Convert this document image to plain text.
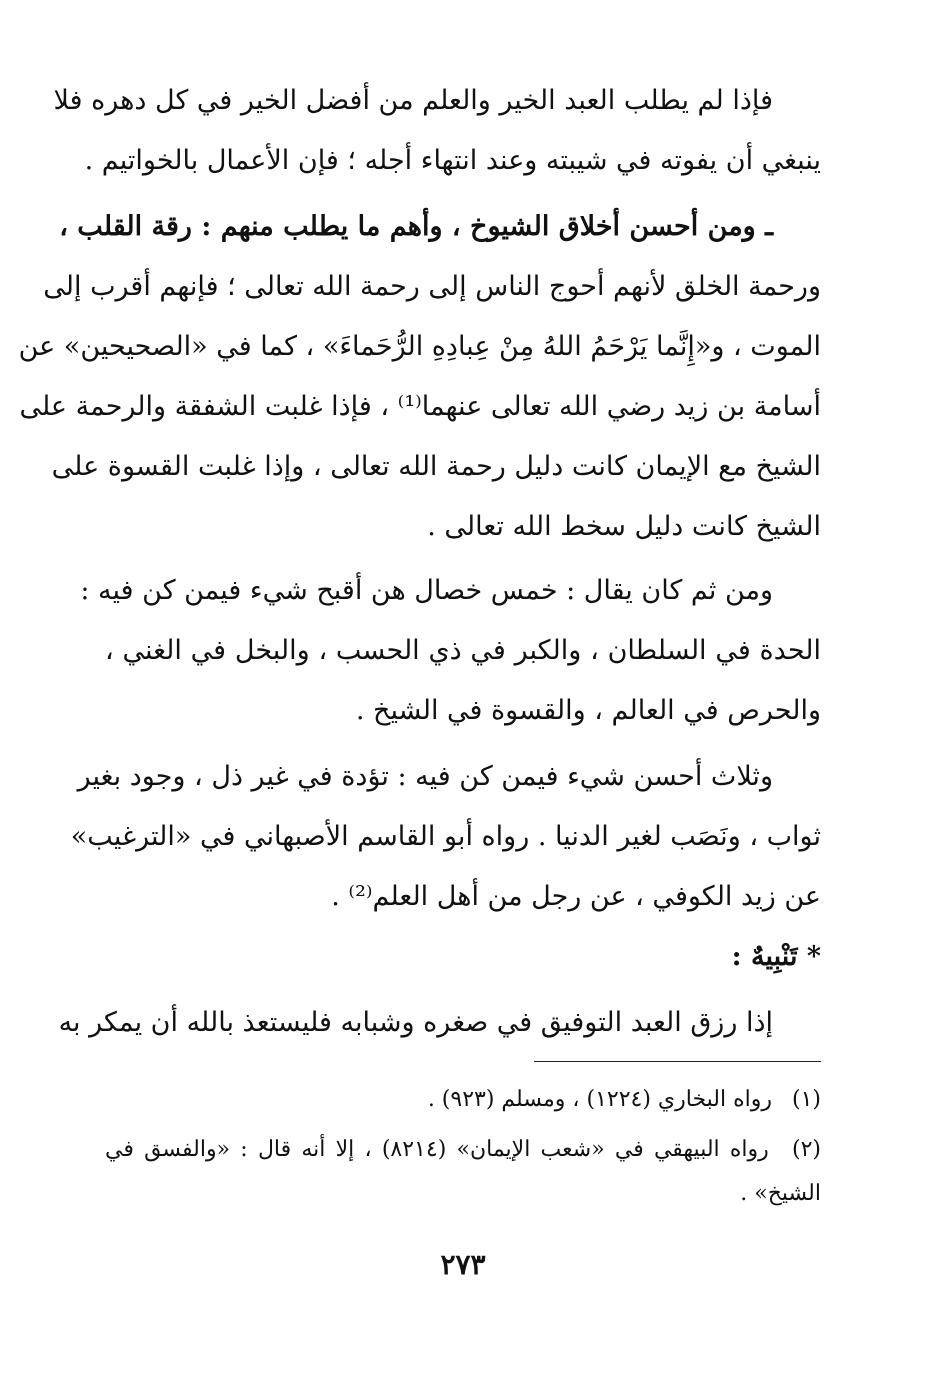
فإذا لم يطلب العبد الخير والعلم من أفضل الخير في كل دهره فلا
ينبغي أن يفوته في شيبته وعند انتهاء أجله ؛ فإن الأعمال بالخواتيم .
ـ ومن أحسن أخلاق الشيوخ ، وأهم ما يطلب منهم : رقة القلب ،
ورحمة الخلق لأنهم أحوج الناس إلى رحمة الله تعالى ؛ فإنهم أقرب إلى
الموت ، و«إِنَّما يَرْحَمُ اللهُ مِنْ عِبادِهِ الرُّحَماءَ» ، كما في «الصحيحين» عن
أسامة بن زيد رضي الله تعالى عنهما⁽¹⁾ ، فإذا غلبت الشفقة والرحمة على
الشيخ مع الإيمان كانت دليل رحمة الله تعالى ، وإذا غلبت القسوة على
الشيخ كانت دليل سخط الله تعالى .
ومن ثم كان يقال : خمس خصال هن أقبح شيء فيمن كن فيه :
الحدة في السلطان ، والكبر في ذي الحسب ، والبخل في الغني ،
والحرص في العالم ، والقسوة في الشيخ .
وثلاث أحسن شيء فيمن كن فيه : تؤدة في غير ذل ، وجود بغير
ثواب ، ونَصَب لغير الدنيا . رواه أبو القاسم الأصبهاني في «الترغيب»
عن زيد الكوفي ، عن رجل من أهل العلم⁽²⁾ .
* تَنْبِيهٌ :
إذا رزق العبد التوفيق في صغره وشبابه فليستعذ بالله أن يمكر به
(١) رواه البخاري (١٢٢٤) ، ومسلم (٩٢٣) .
(٢) رواه البيهقي في «شعب الإيمان» (٨٢١٤) ، إلا أنه قال : «والفسق في
الشيخ» .
٢٧٣
